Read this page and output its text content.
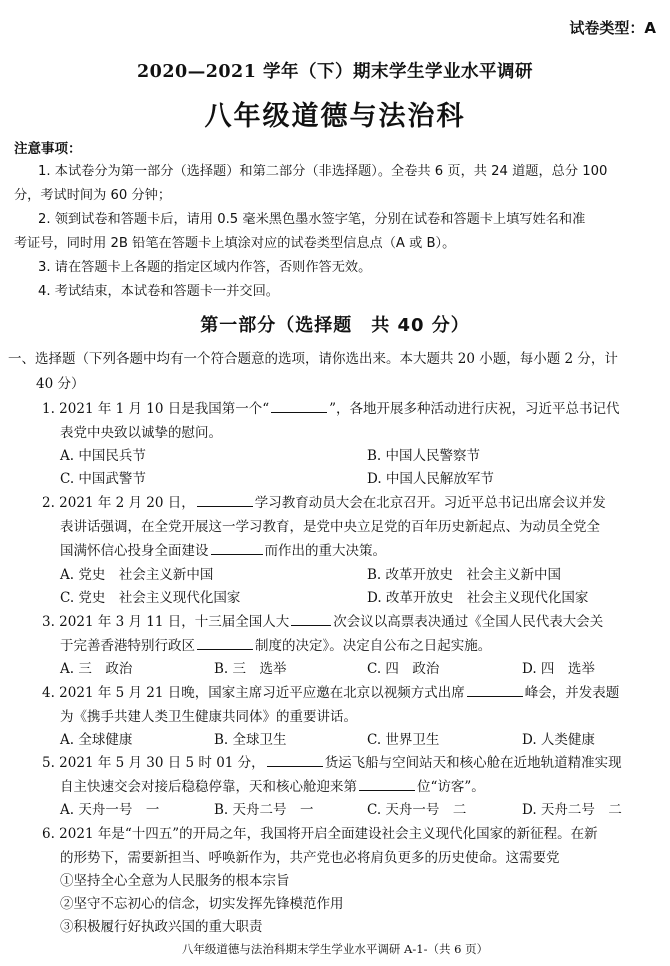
试卷类型：A
2020—2021 学年（下）期末学生学业水平调研
八年级道德与法治科
注意事项：
1. 本试卷分为第一部分（选择题）和第二部分（非选择题）。全卷共 6 页，共 24 道题，总分 100
分，考试时间为 60 分钟；
2. 领到试卷和答题卡后，请用 0.5 毫米黑色墨水签字笔，分别在试卷和答题卡上填写姓名和准
考证号，同时用 2B 铅笔在答题卡上填涂对应的试卷类型信息点（A 或 B）。
3. 请在答题卡上各题的指定区域内作答，否则作答无效。
4. 考试结束，本试卷和答题卡一并交回。
第一部分（选择题　共 40 分）
一、选择题（下列各题中均有一个符合题意的选项，请你选出来。本大题共 20 小题，每小题 2 分，计
40 分）
1. 2021 年 1 月 10 日是我国第一个“	”，各地开展多种活动进行庆祝，习近平总书记代
表党中央致以诚挚的慰问。
A. 中国民兵节	B. 中国人民警察节
C. 中国武警节	D. 中国人民解放军节
2. 2021 年 2 月 20 日，	学习教育动员大会在北京召开。习近平总书记出席会议并发
表讲话强调，在全党开展这一学习教育，是党中央立足党的百年历史新起点、为动员全党全
国满怀信心投身全面建设	而作出的重大决策。
A. 党史　社会主义新中国	B. 改革开放史　社会主义新中国
C. 党史　社会主义现代化国家	D. 改革开放史　社会主义现代化国家
3. 2021 年 3 月 11 日，十三届全国人大	次会议以高票表决通过《全国人民代表大会关
于完善香港特别行政区	制度的决定》。决定自公布之日起实施。
A. 三　政治	B. 三　选举	C. 四　政治	D. 四　选举
4. 2021 年 5 月 21 日晚，国家主席习近平应邀在北京以视频方式出席	峰会，并发表题
为《携手共建人类卫生健康共同体》的重要讲话。
A. 全球健康	B. 全球卫生	C. 世界卫生	D. 人类健康
5. 2021 年 5 月 30 日 5 时 01 分，	货运飞船与空间站天和核心舱在近地轨道精准实现
自主快速交会对接后稳稳停靠，天和核心舱迎来第	位“访客”。
A. 天舟一号　一	B. 天舟二号　一	C. 天舟一号　二	D. 天舟二号　二
6. 2021 年是“十四五”的开局之年，我国将开启全面建设社会主义现代化国家的新征程。在新
的形势下，需要新担当、呼唤新作为，共产党也必将肩负更多的历史使命。这需要党
①坚持全心全意为人民服务的根本宗旨
②坚守不忘初心的信念，切实发挥先锋模范作用
③积极履行好执政兴国的重大职责
八年级道德与法治科期末学生学业水平调研 A-1-（共 6 页）
